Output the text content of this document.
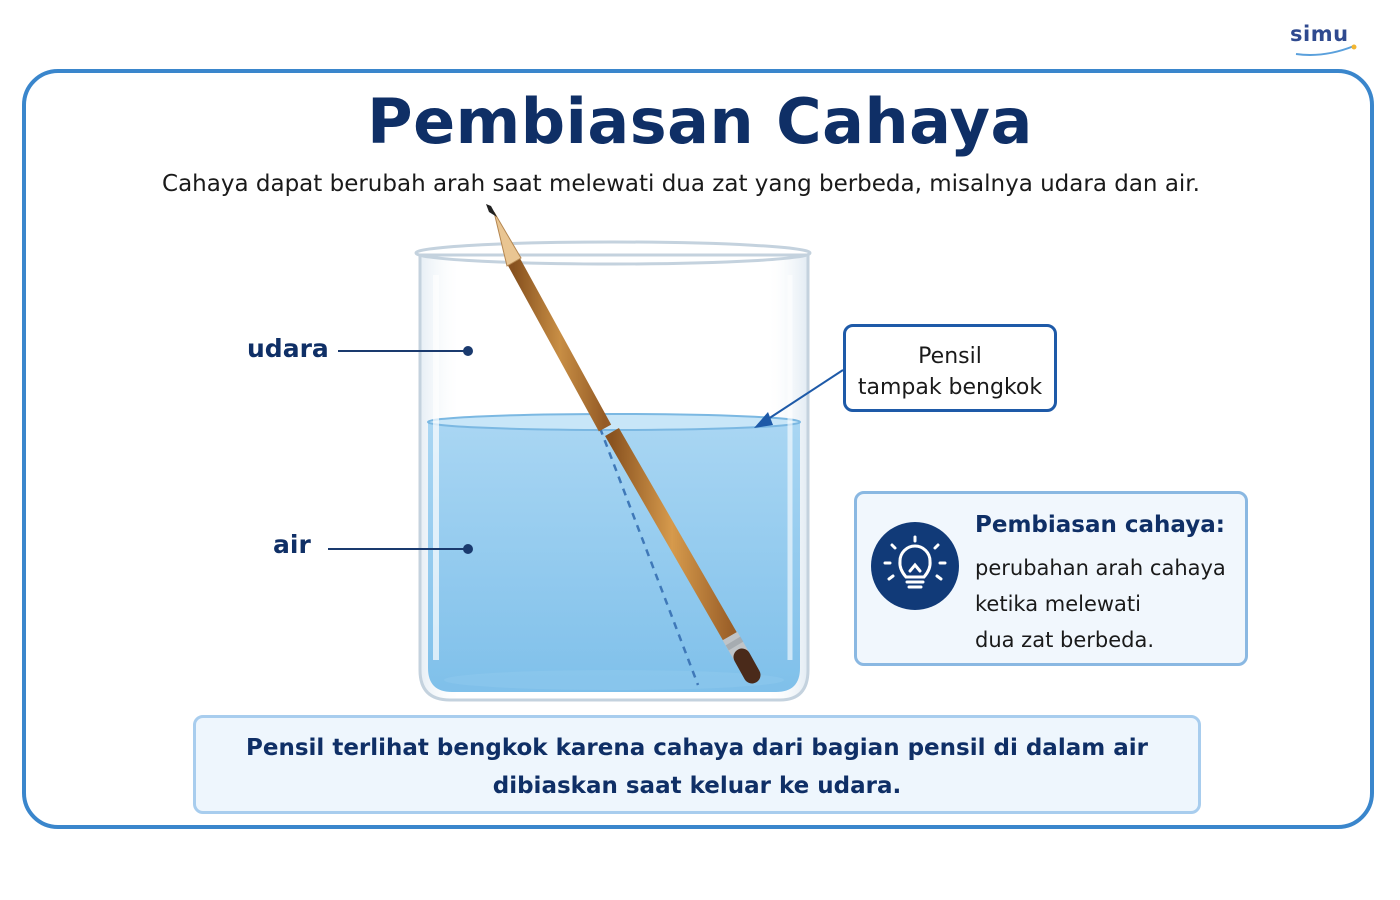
simu
Pembiasan Cahaya
Cahaya dapat berubah arah saat melewati dua zat yang berbeda, misalnya udara dan air.
udara
air
Pensil
tampak bengkok
Pembiasan cahaya:
perubahan arah cahaya
ketika melewati
dua zat berbeda.
Pensil terlihat bengkok karena cahaya dari bagian pensil di dalam air
dibiaskan saat keluar ke udara.
